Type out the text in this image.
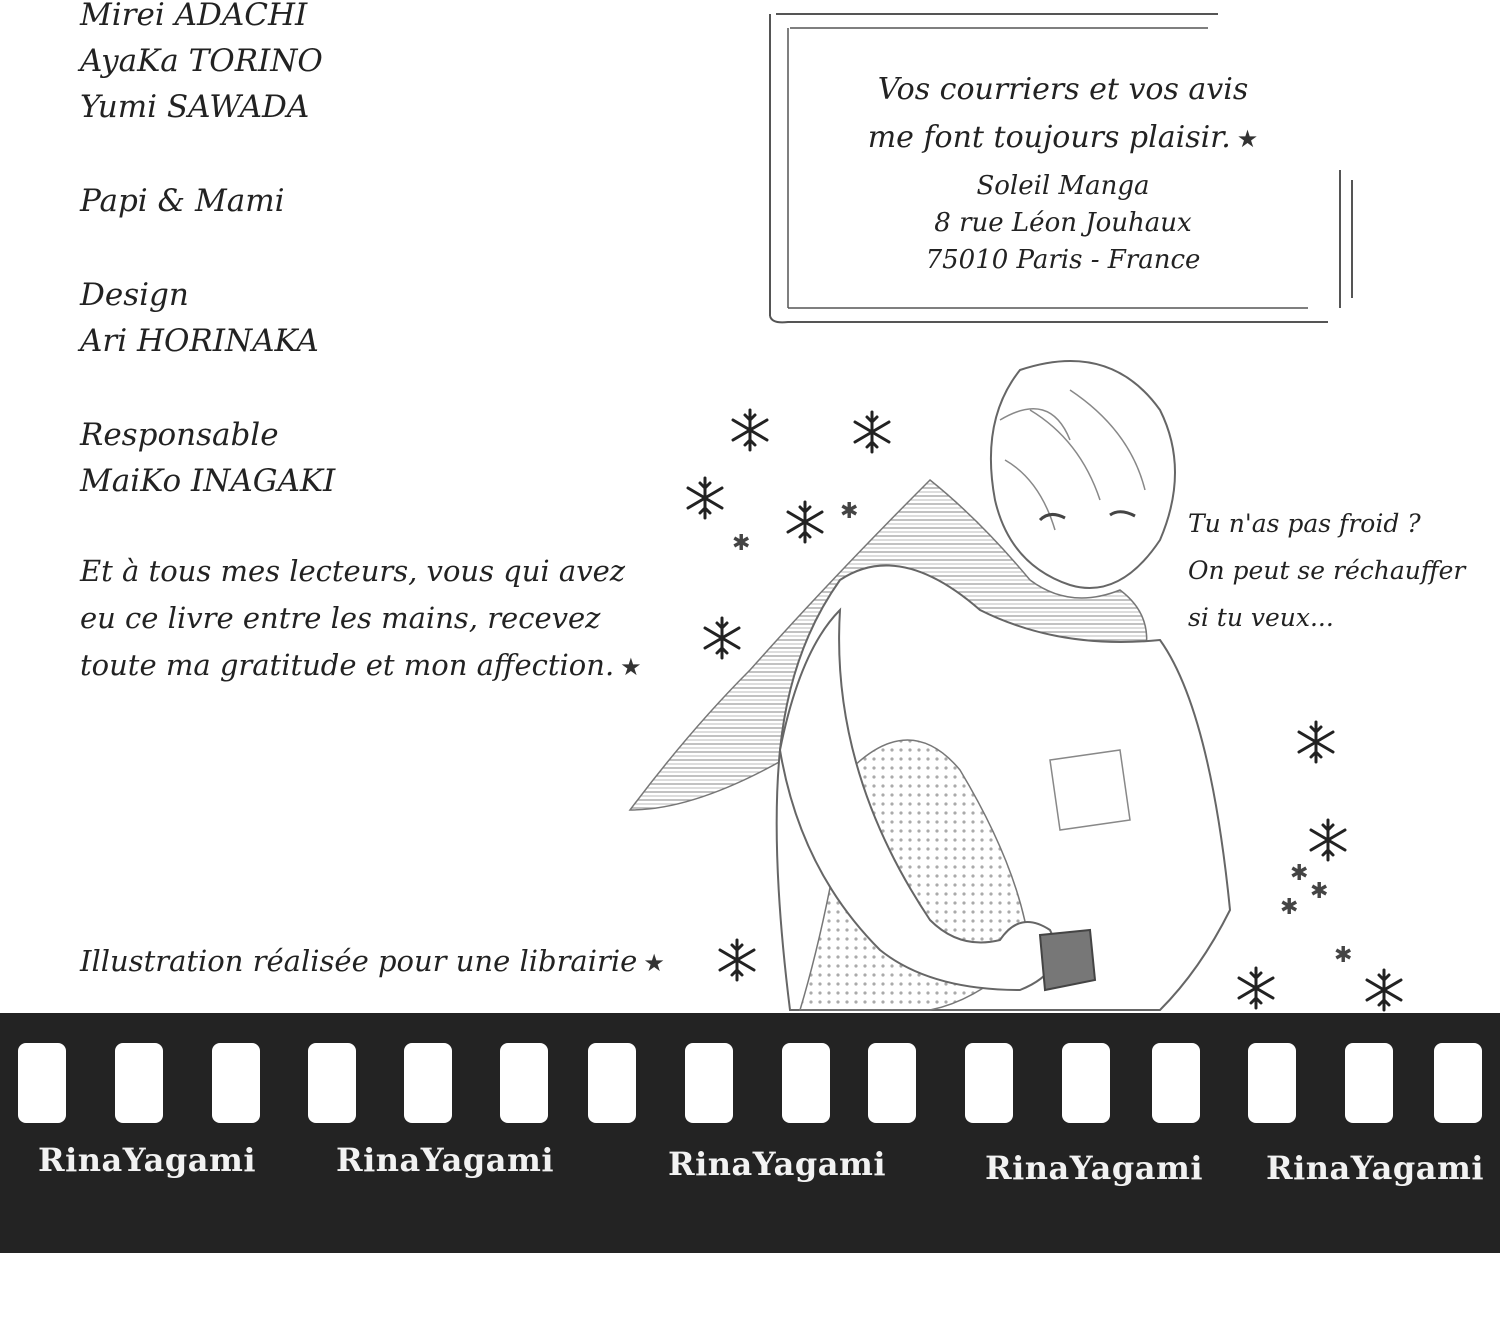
Mirei ADACHI
AyaKa TORINO
Yumi SAWADA
Papi & Mami
Design
Ari HORINAKA
Responsable
MaiKo INAGAKI
Et à tous mes lecteurs, vous qui avez
eu ce livre entre les mains, recevez
toute ma gratitude et mon affection. ★
Illustration réalisée pour une librairie ★
Vos courriers et vos avis
me font toujours plaisir. ★
Soleil Manga
8 rue Léon Jouhaux
75010 Paris - France
✱
✱
✱
✱
✱
✱
Tu n'as pas froid ?
On peut se réchauffer
si tu veux...
RinaYagami	RinaYagami	RinaYagami	RinaYagami RinaYagami
